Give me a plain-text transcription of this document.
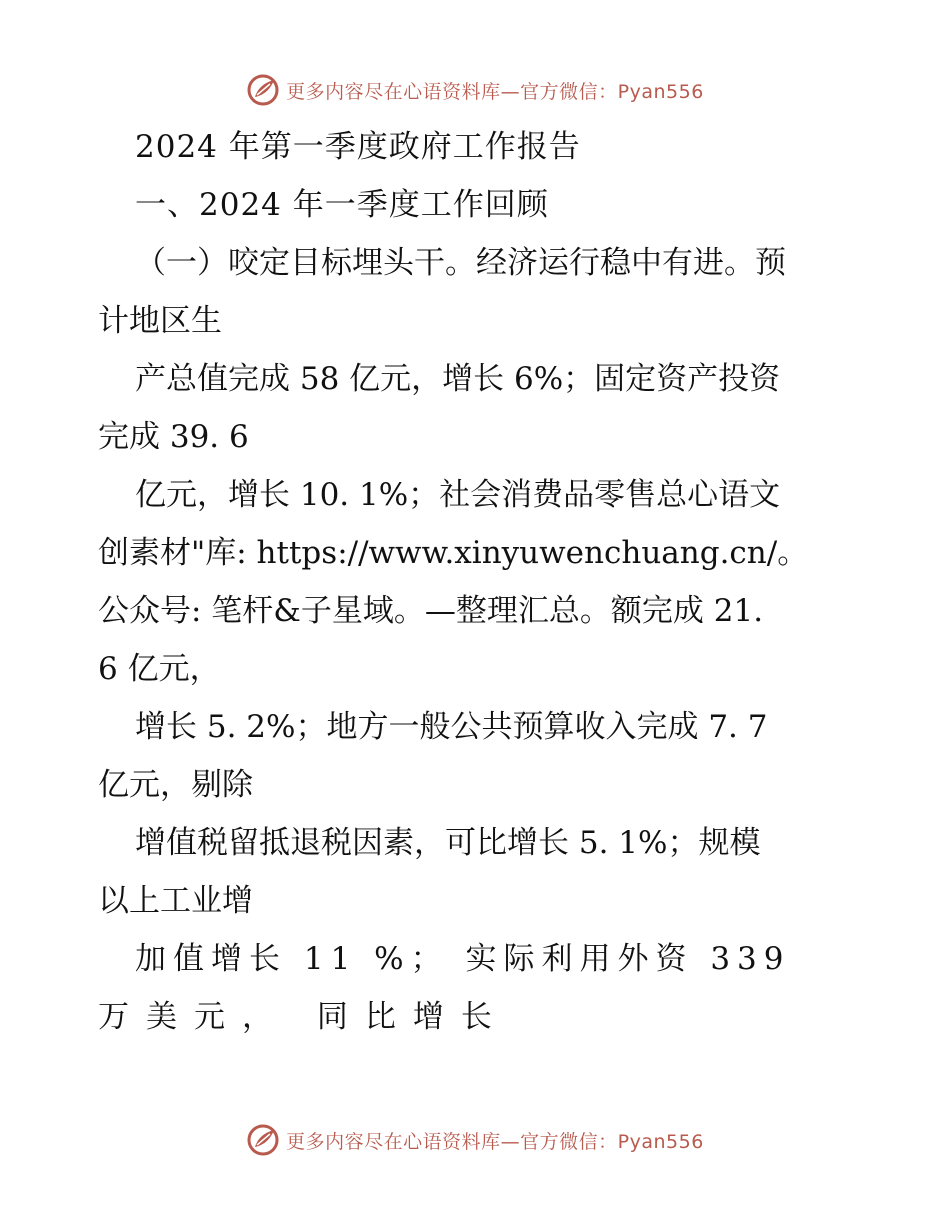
更多内容尽在心语资料库—官方微信：Pyan556
2024 年第一季度政府工作报告
一、2024 年一季度工作回顾
（一）咬定目标埋头干。经济运行稳中有进。预
计地区生
产总值完成 58 亿元，增长 6%；固定资产投资
完成 39. 6
亿元，增长 10. 1%；社会消费品零售总心语文
创素材"库: https://www.xinyuwenchuang.cn/。
公众号: 笔杆&子星域。—整理汇总。额完成 21.
6 亿元，
增长 5. 2%；地方一般公共预算收入完成 7. 7
亿元，剔除
增值税留抵退税因素，可比增长 5. 1%；规模
以上工业增
加值增长 11 %； 实际利用外资 339
万美元， 同比增长
更多内容尽在心语资料库—官方微信：Pyan556
